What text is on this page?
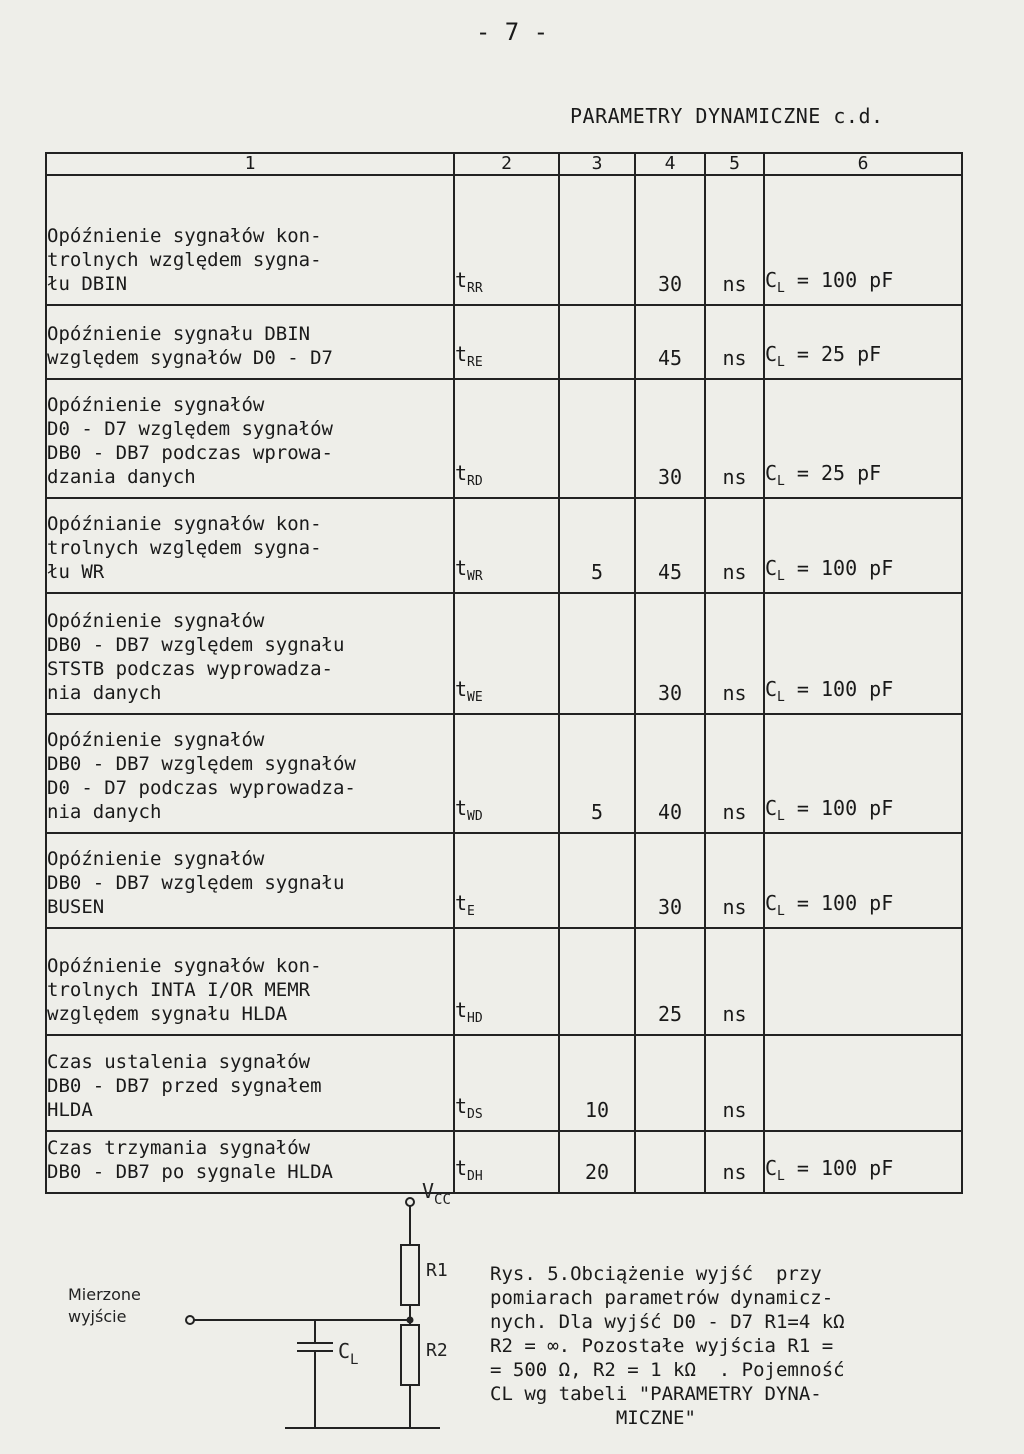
- 7 -
PARAMETRY DYNAMICZNE c.d.
1	2	3	4	5	6
Opóźnienie sygnałów kon-
trolnych względem sygna-
łu DBIN	$t_{RR}$		30	ns	$C_L = 100$ pF
Opóźnienie sygnału DBIN
względem sygnałów D0 - D7	$t_{RE}$		45	ns	$C_L = 25$ pF
Opóźnienie sygnałów
D0 - D7 względem sygnałów
DB0 - DB7 podczas wprowa-
dzania danych	$t_{RD}$		30	ns	$C_L = 25$ pF
Opóźnianie sygnałów kon-
trolnych względem sygna-
łu WR	$t_{WR}$	5	45	ns	$C_L = 100$ pF
Opóźnienie sygnałów
DB0 - DB7 względem sygnału
STSTB podczas wyprowadza-
nia danych	$t_{WE}$		30	ns	$C_L = 100$ pF
Opóźnienie sygnałów
DB0 - DB7 względem sygnałów
D0 - D7 podczas wyprowadza-
nia danych	$t_{WD}$	5	40	ns	$C_L = 100$ pF
Opóźnienie sygnałów
DB0 - DB7 względem sygnału
BUSEN	$t_E$		30	ns	$C_L = 100$ pF
Opóźnienie sygnałów kon-
trolnych INTA I/OR MEMR
względem sygnału HLDA	$t_{HD}$		25	ns	
Czas ustalenia sygnałów
DB0 - DB7 przed sygnałem
HLDA	$t_{DS}$	10		ns	
Czas trzymania sygnałów
DB0 - DB7 po sygnale HLDA	$t_{DH}$	20		ns	$C_L = 100$ pF
$V_{CC}$
R1
R2
$C_L$
Mierzone
wyjście
Rys. 5.Obciążenie wyjść  przy
pomiarach parametrów dynamicz-
nych. Dla wyjść D0 - D7 R1=4 kΩ
R2 = ∞. Pozostałe wyjścia R1 =
= 500 Ω, R2 = 1 kΩ  . Pojemność
CL wg tabeli "PARAMETRY DYNA-
MICZNE"
